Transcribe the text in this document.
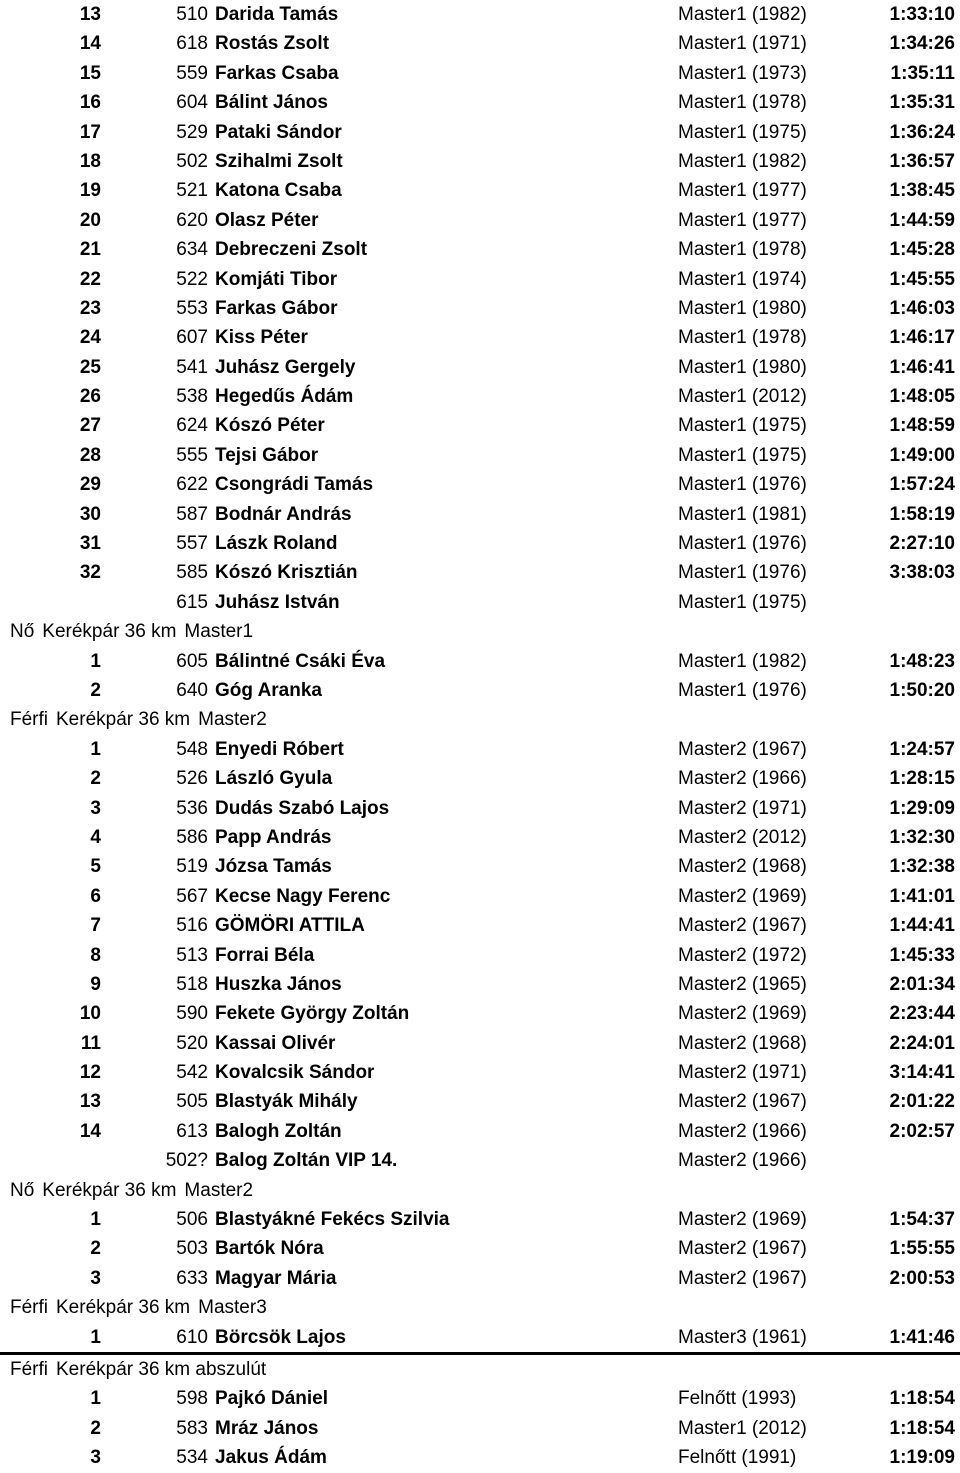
13	510 Darida Tamás	Master1 (1982)	1:33:10
14	618 Rostás Zsolt	Master1 (1971)	1:34:26
15	559 Farkas Csaba	Master1 (1973)	1:35:11
16	604 Bálint János	Master1 (1978)	1:35:31
17	529 Pataki Sándor	Master1 (1975)	1:36:24
18	502 Szihalmi Zsolt	Master1 (1982)	1:36:57
19	521 Katona Csaba	Master1 (1977)	1:38:45
20	620 Olasz Péter	Master1 (1977)	1:44:59
21	634 Debreczeni Zsolt	Master1 (1978)	1:45:28
22	522 Komjáti Tibor	Master1 (1974)	1:45:55
23	553 Farkas Gábor	Master1 (1980)	1:46:03
24	607 Kiss Péter	Master1 (1978)	1:46:17
25	541 Juhász Gergely	Master1 (1980)	1:46:41
26	538 Hegedűs Ádám	Master1 (2012)	1:48:05
27	624 Kószó Péter	Master1 (1975)	1:48:59
28	555 Tejsi Gábor	Master1 (1975)	1:49:00
29	622 Csongrádi Tamás	Master1 (1976)	1:57:24
30	587 Bodnár András	Master1 (1981)	1:58:19
31	557 Lászk Roland	Master1 (1976)	2:27:10
32	585 Kószó Krisztián	Master1 (1976)	3:38:03
615 Juhász István	Master1 (1975)
Nő Kerékpár 36 km Master1
1	605 Bálintné Csáki Éva	Master1 (1982)	1:48:23
2	640 Góg Aranka	Master1 (1976)	1:50:20
Férfi Kerékpár 36 km Master2
1	548 Enyedi Róbert	Master2 (1967)	1:24:57
2	526 László Gyula	Master2 (1966)	1:28:15
3	536 Dudás Szabó Lajos	Master2 (1971)	1:29:09
4	586 Papp András	Master2 (2012)	1:32:30
5	519 Józsa Tamás	Master2 (1968)	1:32:38
6	567 Kecse Nagy Ferenc	Master2 (1969)	1:41:01
7	516 GÖMÖRI ATTILA	Master2 (1967)	1:44:41
8	513 Forrai Béla	Master2 (1972)	1:45:33
9	518 Huszka János	Master2 (1965)	2:01:34
10	590 Fekete György Zoltán	Master2 (1969)	2:23:44
11	520 Kassai Olivér	Master2 (1968)	2:24:01
12	542 Kovalcsik Sándor	Master2 (1971)	3:14:41
13	505 Blastyák Mihály	Master2 (1967)	2:01:22
14	613 Balogh Zoltán	Master2 (1966)	2:02:57
502? Balog Zoltán VIP 14.	Master2 (1966)
Nő Kerékpár 36 km Master2
1	506 Blastyákné Fekécs Szilvia	Master2 (1969)	1:54:37
2	503 Bartók Nóra	Master2 (1967)	1:55:55
3	633 Magyar Mária	Master2 (1967)	2:00:53
Férfi Kerékpár 36 km Master3
1	610 Börcsök Lajos	Master3 (1961)	1:41:46
Férfi Kerékpár 36 km abszulút
1	598 Pajkó Dániel	Felnőtt (1993)	1:18:54
2	583 Mráz János	Master1 (2012)	1:18:54
3	534 Jakus Ádám	Felnőtt (1991)	1:19:09
